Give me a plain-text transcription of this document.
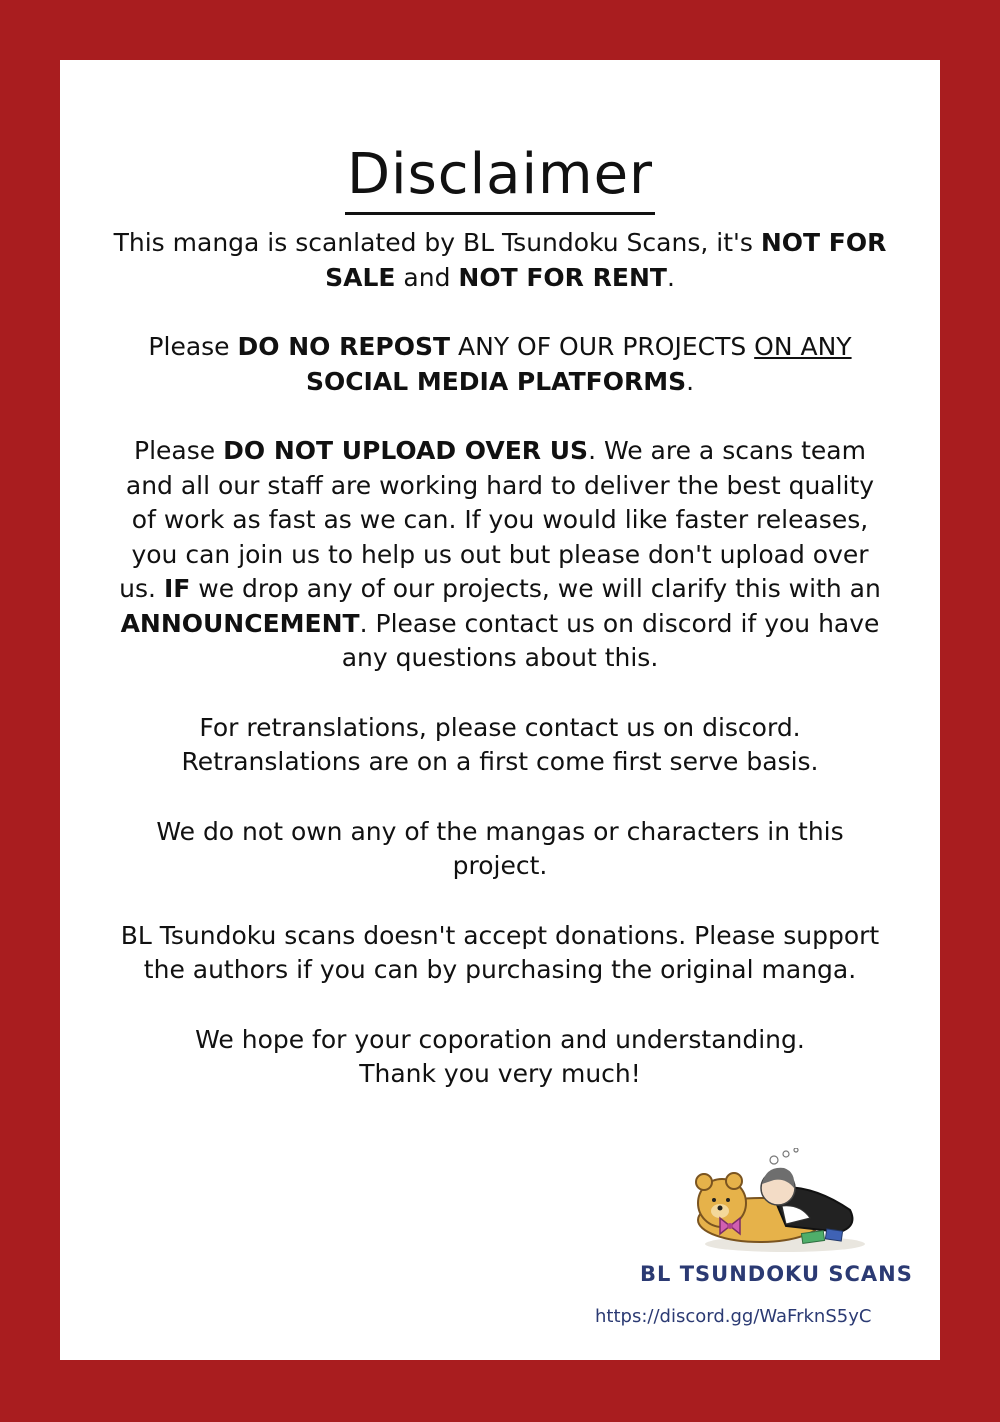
Disclaimer

This manga is scanlated by BL Tsundoku Scans, it's NOT FOR SALE and NOT FOR RENT.

Please DO NO REPOST ANY OF OUR PROJECTS ON ANY SOCIAL MEDIA PLATFORMS.

Please DO NOT UPLOAD OVER US. We are a scans team and all our staff are working hard to deliver the best quality of work as fast as we can. If you would like faster releases, you can join us to help us out but please don't upload over us. IF we drop any of our projects, we will clarify this with an ANNOUNCEMENT. Please contact us on discord if you have any questions about this.

For retranslations, please contact us on discord. Retranslations are on a first come first serve basis.

We do not own any of the mangas or characters in this project.

BL Tsundoku scans doesn't accept donations. Please support the authors if you can by purchasing the original manga.

We hope for your coporation and understanding.
Thank you very much!

BL TSUNDOKU SCANS
https://discord.gg/WaFrknS5yC
